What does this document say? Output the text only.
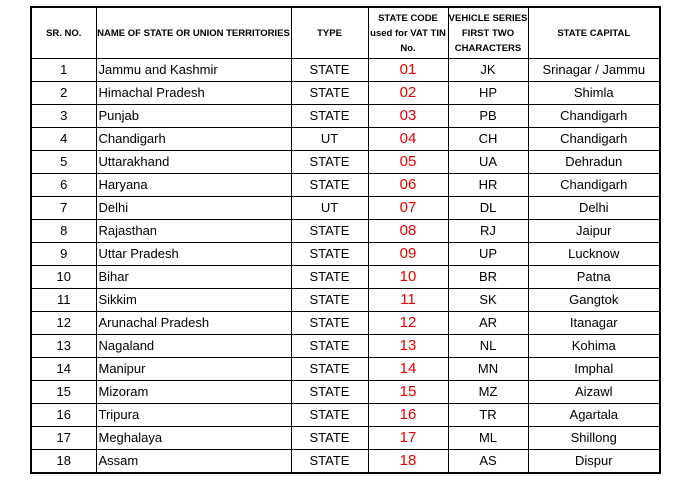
SR. NO.	NAME OF STATE OR UNION TERRITORIES	TYPE	STATE CODE used for VAT TIN No.	VEHICLE SERIES FIRST TWO CHARACTERS	STATE CAPITAL
1	Jammu and Kashmir	STATE	01	JK	Srinagar / Jammu
2	Himachal Pradesh	STATE	02	HP	Shimla
3	Punjab	STATE	03	PB	Chandigarh
4	Chandigarh	UT	04	CH	Chandigarh
5	Uttarakhand	STATE	05	UA	Dehradun
6	Haryana	STATE	06	HR	Chandigarh
7	Delhi	UT	07	DL	Delhi
8	Rajasthan	STATE	08	RJ	Jaipur
9	Uttar Pradesh	STATE	09	UP	Lucknow
10	Bihar	STATE	10	BR	Patna
11	Sikkim	STATE	11	SK	Gangtok
12	Arunachal Pradesh	STATE	12	AR	Itanagar
13	Nagaland	STATE	13	NL	Kohima
14	Manipur	STATE	14	MN	Imphal
15	Mizoram	STATE	15	MZ	Aizawl
16	Tripura	STATE	16	TR	Agartala
17	Meghalaya	STATE	17	ML	Shillong
18	Assam	STATE	18	AS	Dispur
